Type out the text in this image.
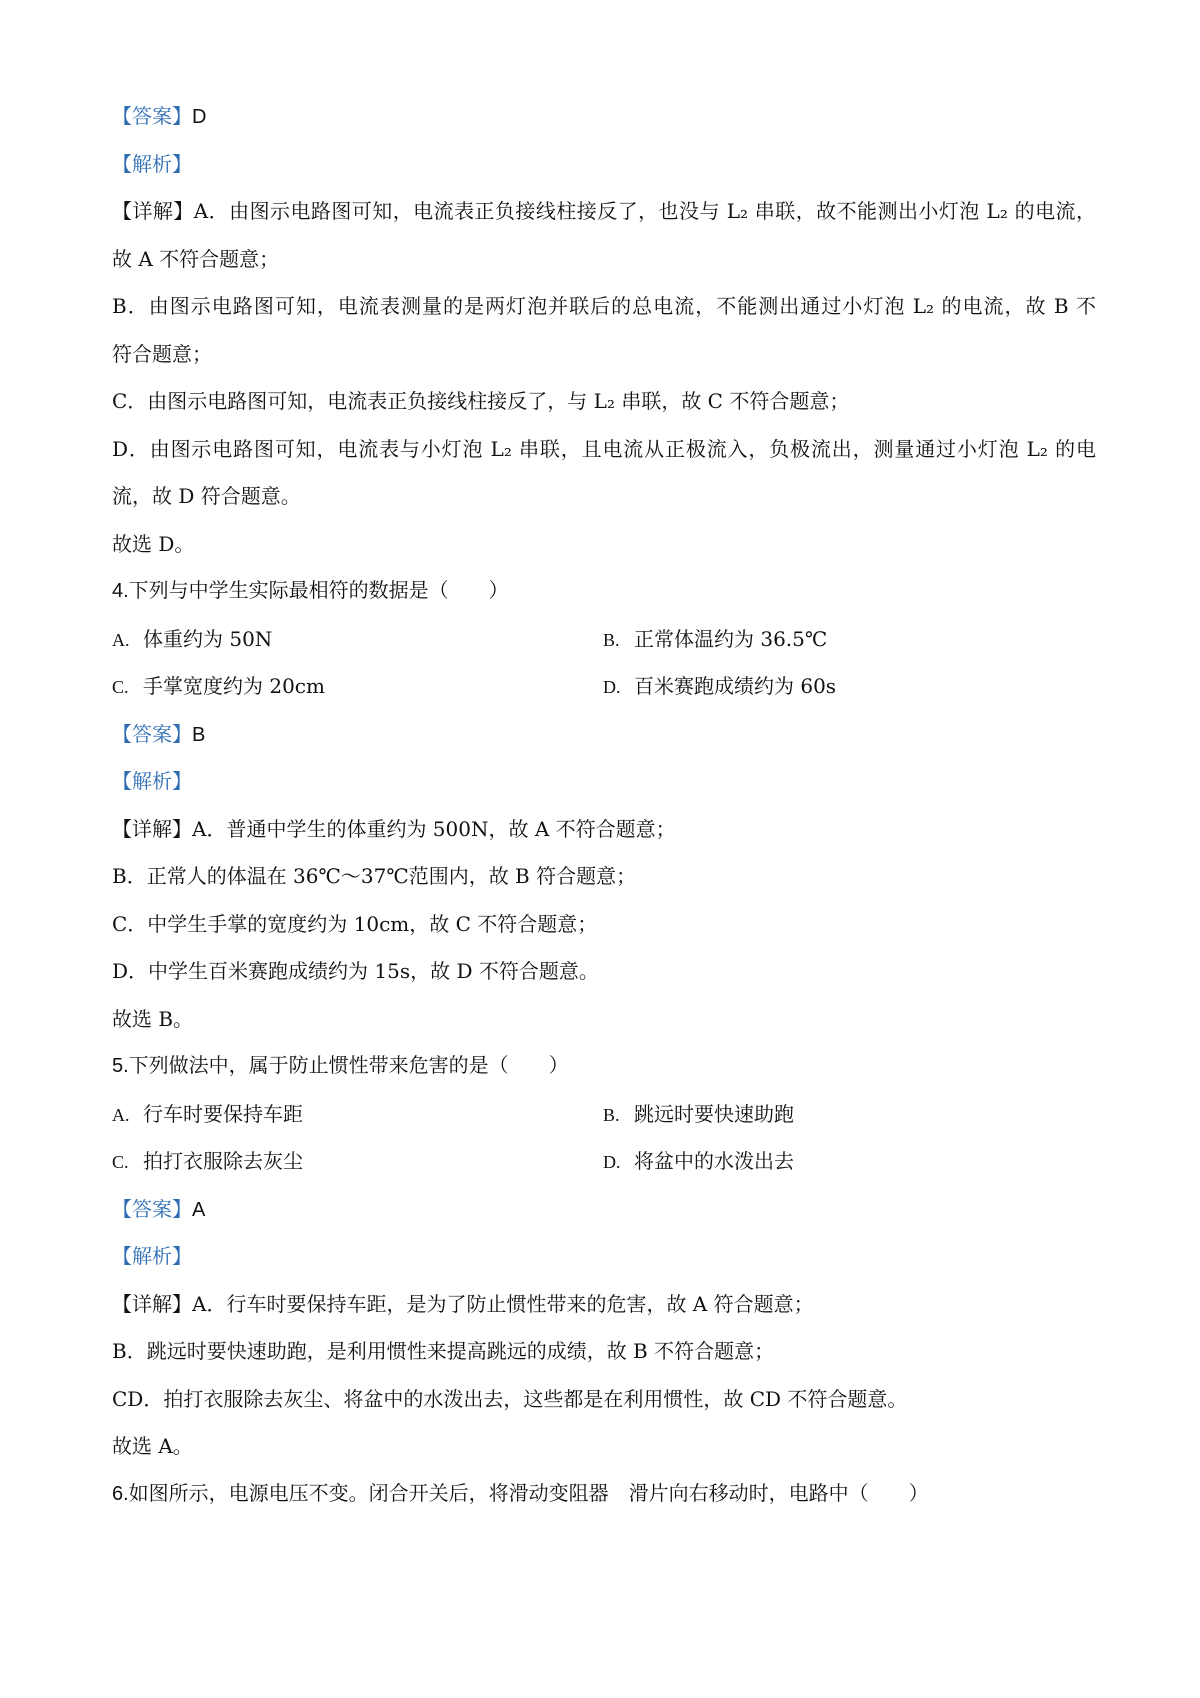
【答案】D
【解析】
【详解】A．由图示电路图可知，电流表正负接线柱接反了，也没与 L₂ 串联，故不能测出小灯泡 L₂ 的电流，
故 A 不符合题意；
B．由图示电路图可知，电流表测量的是两灯泡并联后的总电流，不能测出通过小灯泡 L₂ 的电流，故 B 不
符合题意；
C．由图示电路图可知，电流表正负接线柱接反了，与 L₂ 串联，故 C 不符合题意；
D．由图示电路图可知，电流表与小灯泡 L₂ 串联，且电流从正极流入，负极流出，测量通过小灯泡 L₂ 的电
流，故 D 符合题意。
故选 D。
4.下列与中学生实际最相符的数据是（　　）
A. 体重约为 50N	B. 正常体温约为 36.5℃
C. 手掌宽度约为 20cm	D. 百米赛跑成绩约为 60s
【答案】B
【解析】
【详解】A．普通中学生的体重约为 500N，故 A 不符合题意；
B．正常人的体温在 36℃～37℃范围内，故 B 符合题意；
C．中学生手掌的宽度约为 10cm，故 C 不符合题意；
D．中学生百米赛跑成绩约为 15s，故 D 不符合题意。
故选 B。
5.下列做法中，属于防止惯性带来危害的是（　　）
A. 行车时要保持车距	B. 跳远时要快速助跑
C. 拍打衣服除去灰尘	D. 将盆中的水泼出去
【答案】A
【解析】
【详解】A．行车时要保持车距，是为了防止惯性带来的危害，故 A 符合题意；
B．跳远时要快速助跑，是利用惯性来提高跳远的成绩，故 B 不符合题意；
CD．拍打衣服除去灰尘、将盆中的水泼出去，这些都是在利用惯性，故 CD 不符合题意。
故选 A。
6.如图所示，电源电压不变。闭合开关后，将滑动变阻器　滑片向右移动时，电路中（　　）
